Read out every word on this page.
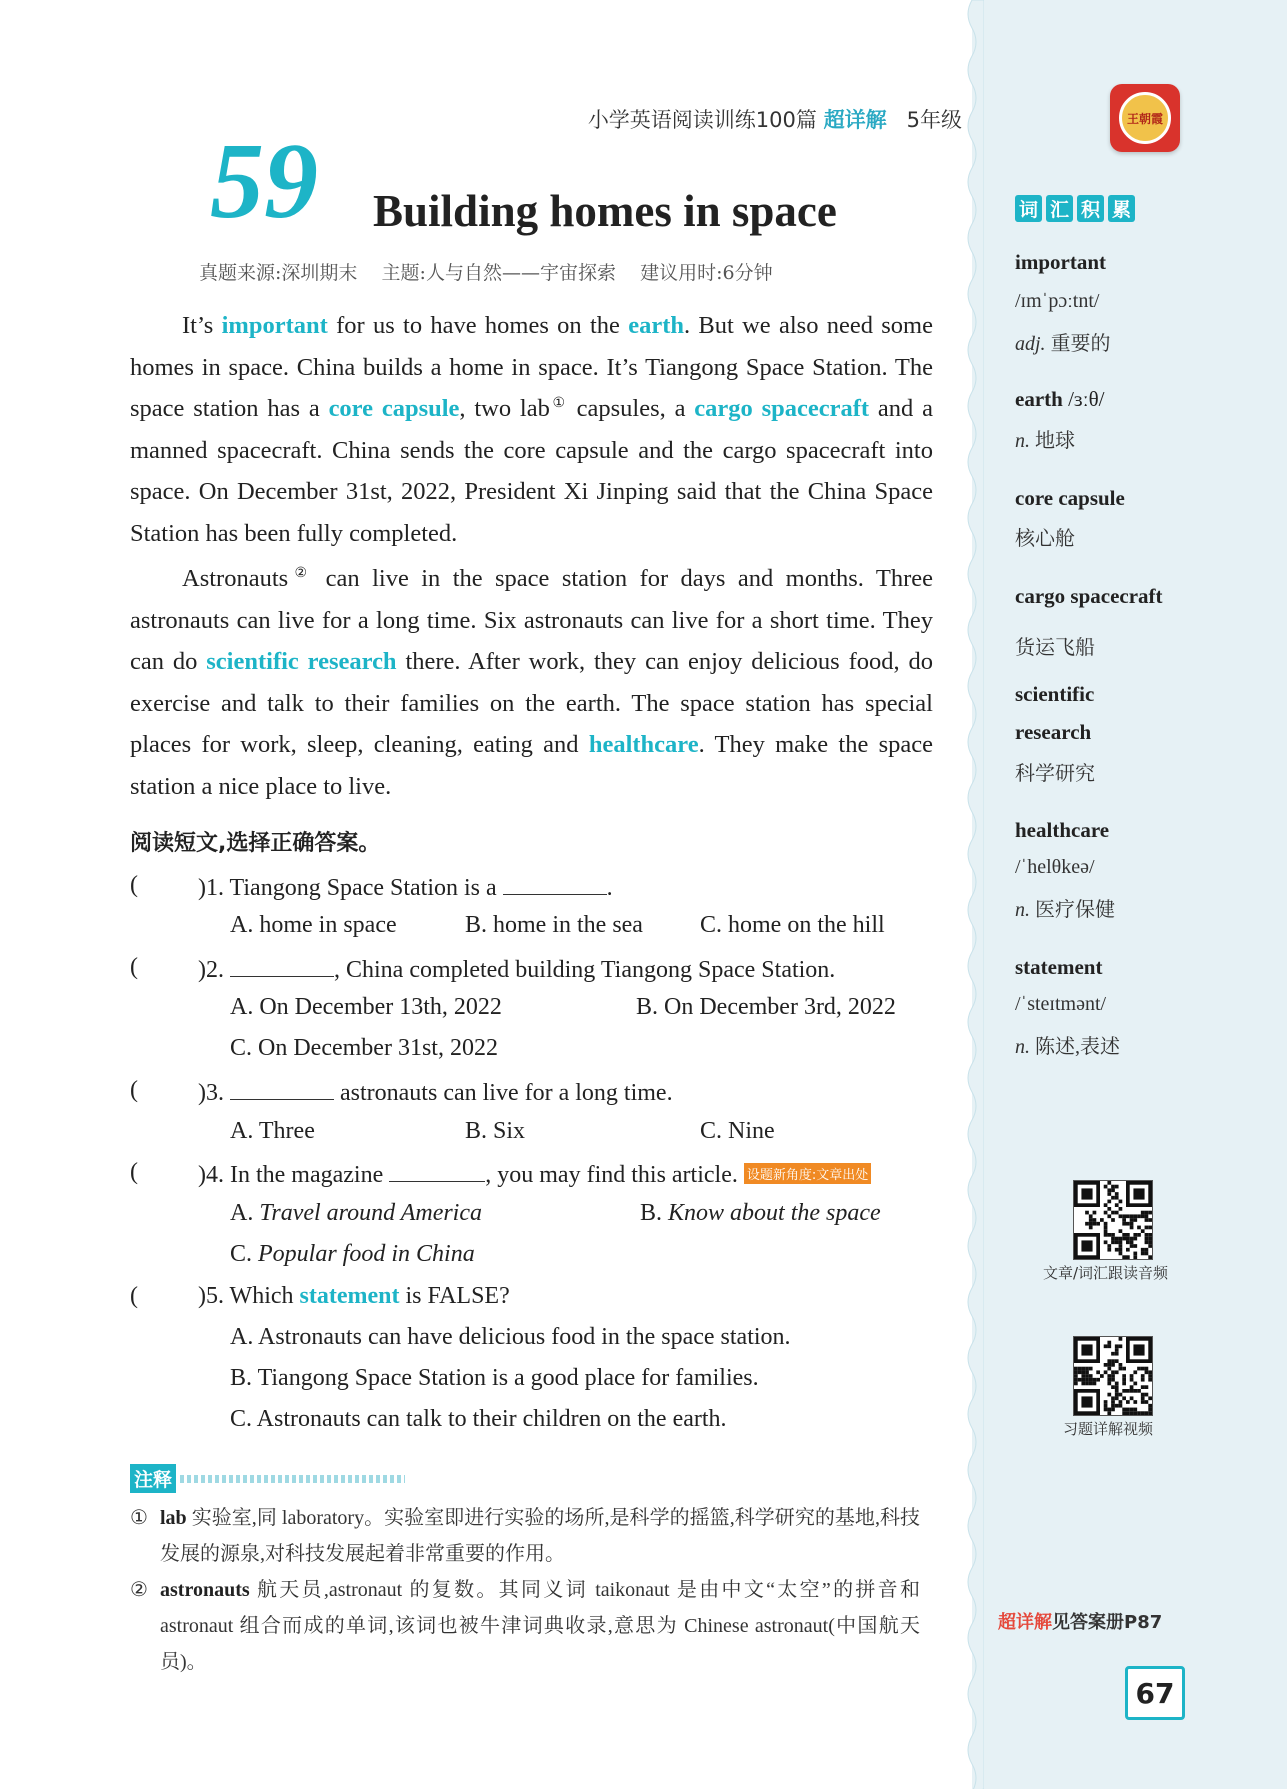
小学英语阅读训练100篇 超详解 5年级	王朝霞
59 Building homes in space
真题来源:深圳期末    主题:人与自然——宇宙探索    建议用时:6分钟

It’s important for us to have homes on the earth. But we also need some homes in space. China builds a home in space. It’s Tiangong Space Station. The space station has a core capsule, two lab① capsules, a cargo spacecraft and a manned spacecraft. China sends the core capsule and the cargo spacecraft into space. On December 31st, 2022, President Xi Jinping said that the China Space Station has been fully completed.

Astronauts② can live in the space station for days and months. Three astronauts can live for a long time. Six astronauts can live for a short time. They can do scientific research there. After work, they can enjoy delicious food, do exercise and talk to their families on the earth. The space station has special places for work, sleep, cleaning, eating and healthcare. They make the space station a nice place to live.

阅读短文,选择正确答案。
(	)1. Tiangong Space Station is a	.
A. home in space	B. home in the sea C. home on the hill
(	)2.	, China completed building Tiangong Space Station.
A. On December 13th, 2022	B. On December 3rd, 2022
C. On December 31st, 2022
(	)3.	astronauts can live for a long time.
A. Three	B. Six	C. Nine
(	)4. In the magazine	, you may find this article. 设题新角度:文章出处
A. Travel around America	B. Know about the space
C. Popular food in China
(	)5. Which statement is FALSE?
A. Astronauts can have delicious food in the space station.
B. Tiangong Space Station is a good place for families.
C. Astronauts can talk to their children on the earth.
注释
① lab 实验室,同 laboratory。实验室即进行实验的场所,是科学的摇篮,科学研究的基地,科技发展的源泉,对科技发展起着非常重要的作用。
② astronauts 航天员,astronaut 的复数。其同义词 taikonaut 是由中文“太空”的拼音和 astronaut 组合而成的单词,该词也被牛津词典收录,意思为 Chinese astronaut(中国航天员)。
词 汇 积 累
important
/ɪmˈpɔːtnt/
adj. 重要的
earth /ɜːθ/
n. 地球
core capsule
核心舱
cargo spacecraft
货运飞船
scientific
research
科学研究
healthcare
/ˈhelθkeə/
n. 医疗保健
statement
/ˈsteɪtmənt/
n. 陈述,表述
文章/词汇跟读音频
习题详解视频
超详解见答案册P87
67
